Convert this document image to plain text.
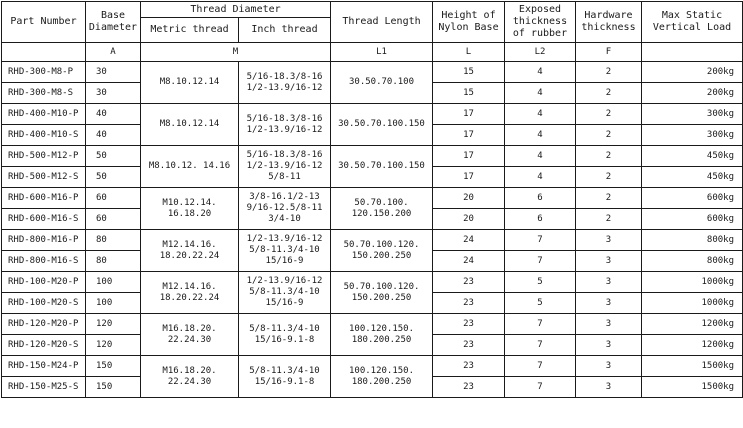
Part Number	Base Diameter	Thread Diameter		Thread Length	Height of Nylon Base	Exposed thickness of rubber	Hardware thickness	Max Static Vertical Load
		Metric thread	Inch thread					
	A	M		L1	L	L2	F	
RHD-300-M8-P	30	M8.10.12.14	5/16-18.3/8-16 1/2-13.9/16-12	30.50.70.100	15	4	2	200kg
RHD-300-M8-S	30				15	4	2	200kg
RHD-400-M10-P	40	M8.10.12.14	5/16-18.3/8-16 1/2-13.9/16-12	30.50.70.100.150	17	4	2	300kg
RHD-400-M10-S	40				17	4	2	300kg
RHD-500-M12-P	50	M8.10.12. 14.16	5/16-18.3/8-16 1/2-13.9/16-12 5/8-11	30.50.70.100.150	17	4	2	450kg
RHD-500-M12-S	50				17	4	2	450kg
RHD-600-M16-P	60	M10.12.14. 16.18.20	3/8-16.1/2-13 9/16-12.5/8-11 3/4-10	50.70.100. 120.150.200	20	6	2	600kg
RHD-600-M16-S	60				20	6	2	600kg
RHD-800-M16-P	80	M12.14.16. 18.20.22.24	1/2-13.9/16-12 5/8-11.3/4-10 15/16-9	50.70.100.120. 150.200.250	24	7	3	800kg
RHD-800-M16-S	80				24	7	3	800kg
RHD-100-M20-P	100	M12.14.16. 18.20.22.24	1/2-13.9/16-12 5/8-11.3/4-10 15/16-9	50.70.100.120. 150.200.250	23	5	3	1000kg
RHD-100-M20-S	100				23	5	3	1000kg
RHD-120-M20-P	120	M16.18.20. 22.24.30	5/8-11.3/4-10 15/16-9.1-8	100.120.150. 180.200.250	23	7	3	1200kg
RHD-120-M20-S	120				23	7	3	1200kg
RHD-150-M24-P	150	M16.18.20. 22.24.30	5/8-11.3/4-10 15/16-9.1-8	100.120.150. 180.200.250	23	7	3	1500kg
RHD-150-M25-S	150				23	7	3	1500kg
